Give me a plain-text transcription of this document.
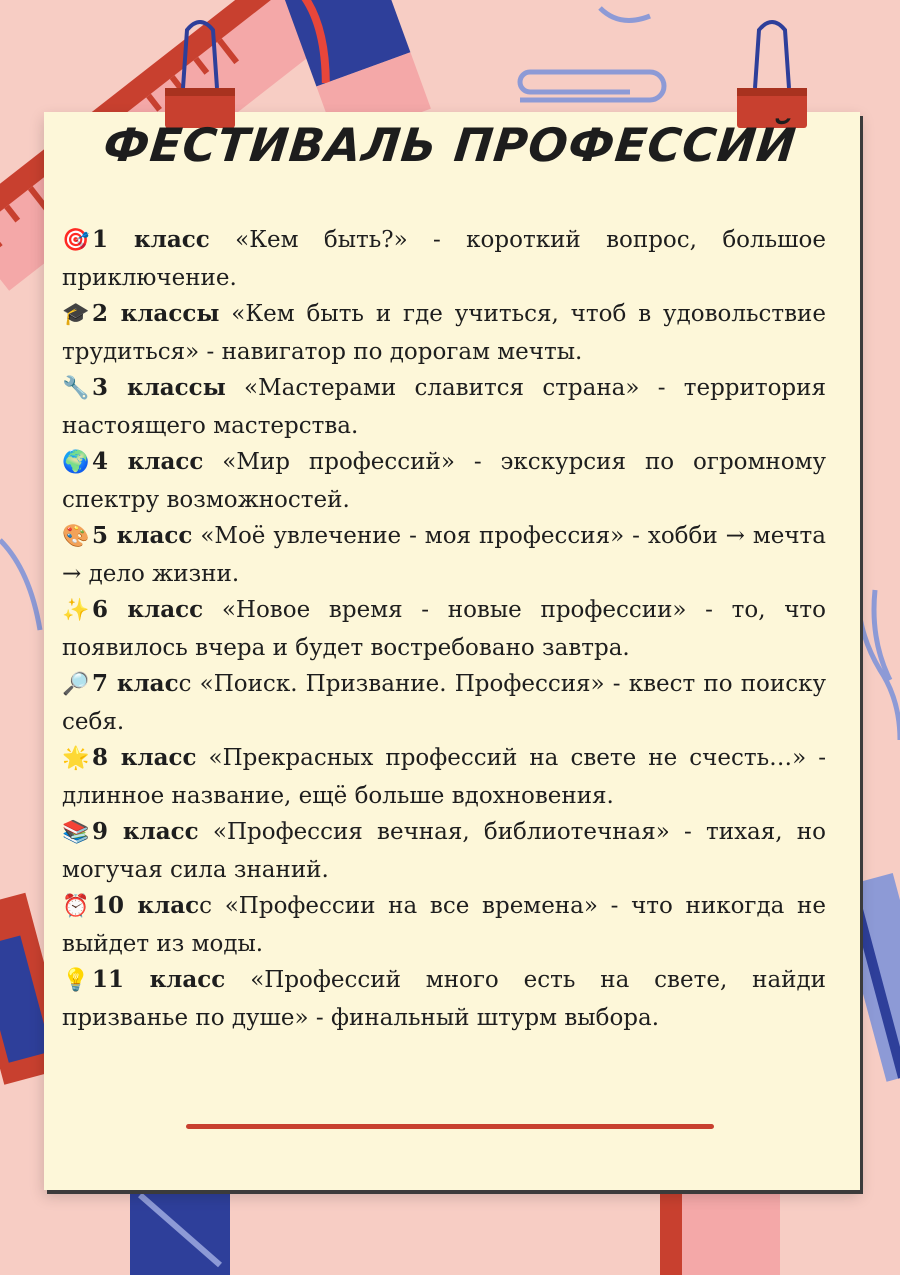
ФЕСТИВАЛЬ ПРОФЕССИЙ

🎯 1 класс «Кем быть?» - короткий вопрос, большое приключение.

🎓 2 классы «Кем быть и где учиться, чтоб в удовольствие трудиться» - навигатор по дорогам мечты.

🔧 3 классы «Мастерами славится страна» - территория настоящего мастерства.

🌍 4 класс «Мир профессий» - экскурсия по огромному спектру возможностей.

🎨 5 класс «Моё увлечение - моя профессия» - хобби → мечта → дело жизни.

✨ 6 класс «Новое время - новые профессии» - то, что появилось вчера и будет востребовано завтра.

🔎 7 класс «Поиск. Призвание. Профессия» - квест по поиску себя.

🌟 8 класс «Прекрасных профессий на свете не счесть…» - длинное название, ещё больше вдохновения.

📚 9 класс «Профессия вечная, библиотечная» - тихая, но могучая сила знаний.

⏰ 10 класс «Профессии на все времена» - что никогда не выйдет из моды.

💡 11 класс «Профессий много есть на свете, найди призванье по душе» - финальный штурм выбора.
